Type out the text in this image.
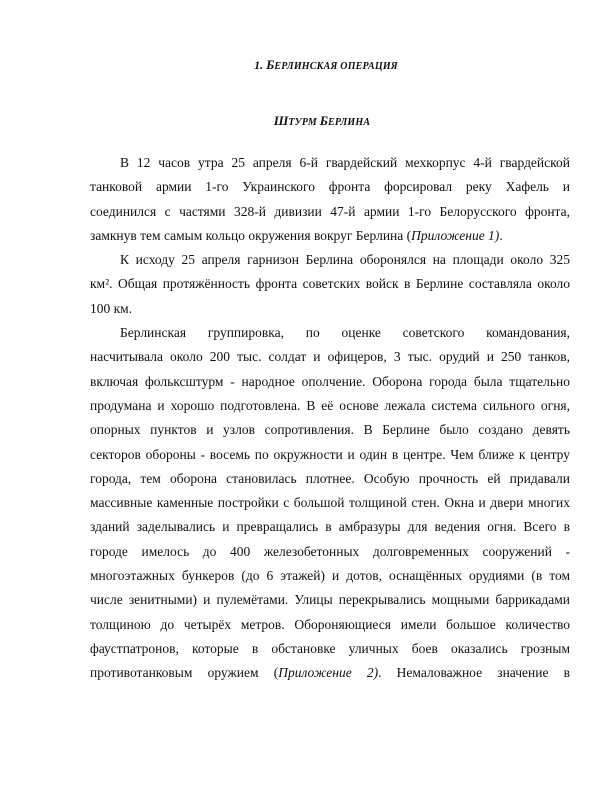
1. БЕРЛИНСКАЯ ОПЕРАЦИЯ
ШТУРМ БЕРЛИНА
В 12 часов утра 25 апреля 6-й гвардейский мехкорпус 4-й гвардейской
танковой армии 1-го Украинского фронта форсировал реку Хафель и
соединился с частями 328-й дивизии 47-й армии 1-го Белорусского фронта,
замкнув тем самым кольцо окружения вокруг Берлина (Приложение 1).
К исходу 25 апреля гарнизон Берлина оборонялся на площади около 325
км². Общая протяжённость фронта советских войск в Берлине составляла около
100 км.
Берлинская группировка, по оценке советского командования,
насчитывала около 200 тыс. солдат и офицеров, 3 тыс. орудий и 250 танков,
включая фольксштурм - народное ополчение. Оборона города была тщательно
продумана и хорошо подготовлена. В её основе лежала система сильного огня,
опорных пунктов и узлов сопротивления. В Берлине было создано девять
секторов обороны - восемь по окружности и один в центре. Чем ближе к центру
города, тем оборона становилась плотнее. Особую прочность ей придавали
массивные каменные постройки с большой толщиной стен. Окна и двери многих
зданий заделывались и превращались в амбразуры для ведения огня. Всего в
городе имелось до 400 железобетонных долговременных сооружений -
многоэтажных бункеров (до 6 этажей) и дотов, оснащённых орудиями (в том
числе зенитными) и пулемётами. Улицы перекрывались мощными баррикадами
толщиною до четырёх метров. Обороняющиеся имели большое количество
фаустпатронов, которые в обстановке уличных боев оказались грозным
противотанковым оружием (Приложение 2). Немаловажное значение в
